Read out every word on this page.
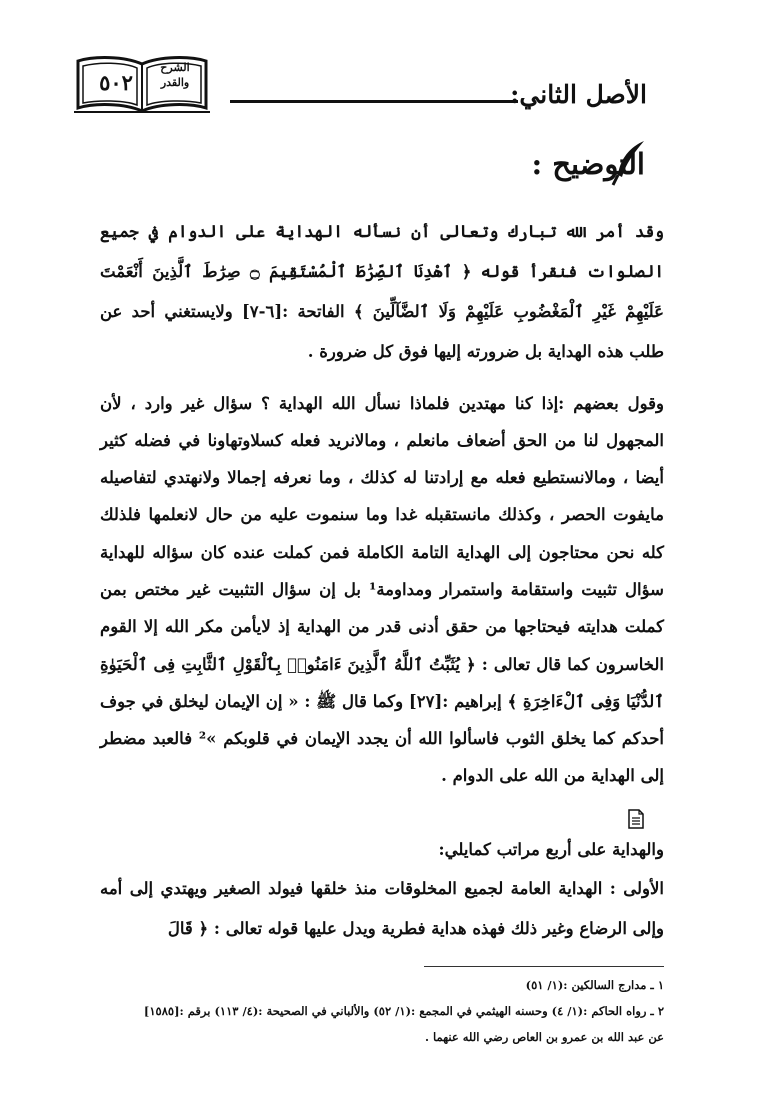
٥٠٢
الشرح
والقدر	الأصل الثاني:
التوضيح :

وقد أمر الله تبارك وتعالى أن نسأله الهداية على الدوام في جميع الصلوات فنقرأ قوله ﴿ ٱهْدِنَا ٱلصِّرَٰطَ ٱلْمُسْتَقِيمَ ۝ صِرَٰطَ ٱلَّذِينَ أَنْعَمْتَ عَلَيْهِمْ غَيْرِ ٱلْمَغْضُوبِ عَلَيْهِمْ وَلَا ٱلضَّآلِّينَ ﴾ الفاتحة :[٦-٧] ولايستغني أحد عن طلب هذه الهداية بل ضرورته إليها فوق كل ضرورة .

وقول بعضهم :إذا كنا مهتدين فلماذا نسأل الله الهداية ؟ سؤال غير وارد ، لأن المجهول لنا من الحق أضعاف مانعلم ، ومالانريد فعله كسلاوتهاونا في فضله كثير أيضا ، ومالانستطيع فعله مع إرادتنا له كذلك ، وما نعرفه إجمالا ولانهتدي لتفاصيله مايفوت الحصر ، وكذلك مانستقبله غدا وما سنموت عليه من حال لانعلمها فلذلك كله نحن محتاجون إلى الهداية التامة الكاملة فمن كملت عنده كان سؤاله للهداية سؤال تثبيت واستقامة واستمرار ومداومة¹ بل إن سؤال التثبيت غير مختص بمن كملت هدايته فيحتاجها من حقق أدنى قدر من الهداية إذ لايأمن مكر الله إلا القوم الخاسرون كما قال تعالى : ﴿ يُثَبِّتُ ٱللَّهُ ٱلَّذِينَ ءَامَنُوا۟ بِٱلْقَوْلِ ٱلثَّابِتِ فِى ٱلْحَيَوٰةِ ٱلدُّنْيَا وَفِى ٱلْءَاخِرَةِ ﴾ إبراهيم :[٢٧] وكما قال ﷺ : « إن الإيمان ليخلق في جوف أحدكم كما يخلق الثوب فاسألوا الله أن يجدد الإيمان في قلوبكم »² فالعبد مضطر إلى الهداية من الله على الدوام .

والهداية على أربع مراتب كمايلي:

الأولى : الهداية العامة لجميع المخلوقات منذ خلقها فيولد الصغير ويهتدي إلى أمه وإلى الرضاع وغير ذلك فهذه هداية فطرية ويدل عليها قوله تعالى : ﴿ قَالَ

١ ـ مدارج السالكين :(١/ ٥١)
٢ ـ رواه الحاكم :(١/ ٤) وحسنه الهيثمي في المجمع :(١/ ٥٢) والألباني في الصحيحة :(٤/ ١١٣) برقم :[١٥٨٥]
عن عبد الله بن عمرو بن العاص رضي الله عنهما .
